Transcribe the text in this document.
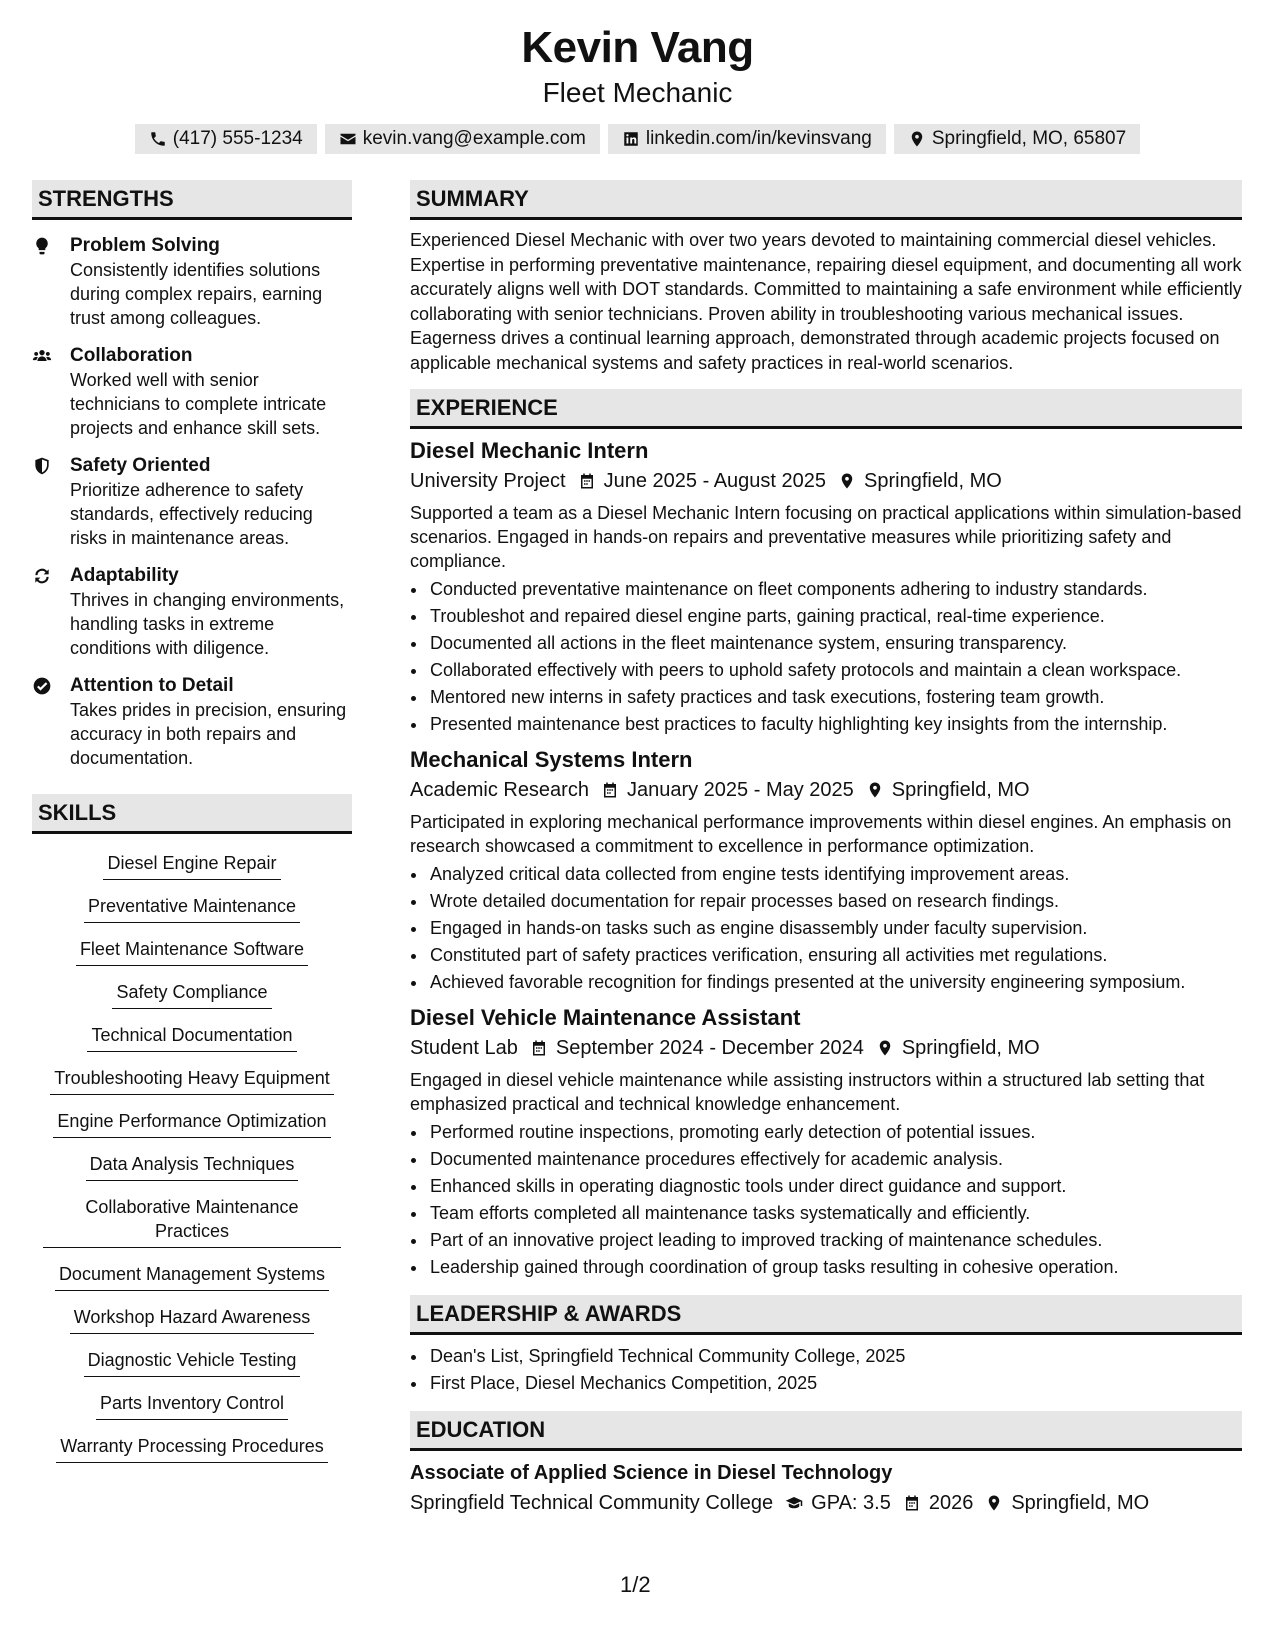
Kevin Vang
Fleet Mechanic
(417) 555-1234	kevin.vang@example.com	linkedin.com/in/kevinsvang	Springfield, MO, 65807
STRENGTHS
Problem Solving
Consistently identifies solutions during complex repairs, earning trust among colleagues.
Collaboration
Worked well with senior technicians to complete intricate projects and enhance skill sets.
Safety Oriented
Prioritize adherence to safety standards, effectively reducing risks in maintenance areas.
Adaptability
Thrives in changing environments, handling tasks in extreme conditions with diligence.
Attention to Detail
Takes prides in precision, ensuring accuracy in both repairs and documentation.
SKILLS
Diesel Engine Repair
Preventative Maintenance
Fleet Maintenance Software
Safety Compliance
Technical Documentation
Troubleshooting Heavy Equipment
Engine Performance Optimization
Data Analysis Techniques
Collaborative Maintenance Practices
Document Management Systems
Workshop Hazard Awareness
Diagnostic Vehicle Testing
Parts Inventory Control
Warranty Processing Procedures
SUMMARY
Experienced Diesel Mechanic with over two years devoted to maintaining commercial diesel vehicles. Expertise in performing preventative maintenance, repairing diesel equipment, and documenting all work accurately aligns well with DOT standards. Committed to maintaining a safe environment while efficiently collaborating with senior technicians. Proven ability in troubleshooting various mechanical issues. Eagerness drives a continual learning approach, demonstrated through academic projects focused on applicable mechanical systems and safety practices in real-world scenarios.
EXPERIENCE
Diesel Mechanic Intern
University Project June 2025 - August 2025 Springfield, MO
Supported a team as a Diesel Mechanic Intern focusing on practical applications within simulation-based scenarios. Engaged in hands-on repairs and preventative measures while prioritizing safety and compliance.
• Conducted preventative maintenance on fleet components adhering to industry standards.
• Troubleshot and repaired diesel engine parts, gaining practical, real-time experience.
• Documented all actions in the fleet maintenance system, ensuring transparency.
• Collaborated effectively with peers to uphold safety protocols and maintain a clean workspace.
• Mentored new interns in safety practices and task executions, fostering team growth.
• Presented maintenance best practices to faculty highlighting key insights from the internship.
Mechanical Systems Intern
Academic Research January 2025 - May 2025 Springfield, MO
Participated in exploring mechanical performance improvements within diesel engines. An emphasis on research showcased a commitment to excellence in performance optimization.
• Analyzed critical data collected from engine tests identifying improvement areas.
• Wrote detailed documentation for repair processes based on research findings.
• Engaged in hands-on tasks such as engine disassembly under faculty supervision.
• Constituted part of safety practices verification, ensuring all activities met regulations.
• Achieved favorable recognition for findings presented at the university engineering symposium.
Diesel Vehicle Maintenance Assistant
Student Lab September 2024 - December 2024 Springfield, MO
Engaged in diesel vehicle maintenance while assisting instructors within a structured lab setting that emphasized practical and technical knowledge enhancement.
• Performed routine inspections, promoting early detection of potential issues.
• Documented maintenance procedures effectively for academic analysis.
• Enhanced skills in operating diagnostic tools under direct guidance and support.
• Team efforts completed all maintenance tasks systematically and efficiently.
• Part of an innovative project leading to improved tracking of maintenance schedules.
• Leadership gained through coordination of group tasks resulting in cohesive operation.
LEADERSHIP & AWARDS
• Dean's List, Springfield Technical Community College, 2025
• First Place, Diesel Mechanics Competition, 2025
EDUCATION
Associate of Applied Science in Diesel Technology
Springfield Technical Community College GPA: 3.5 2026 Springfield, MO
1/2
